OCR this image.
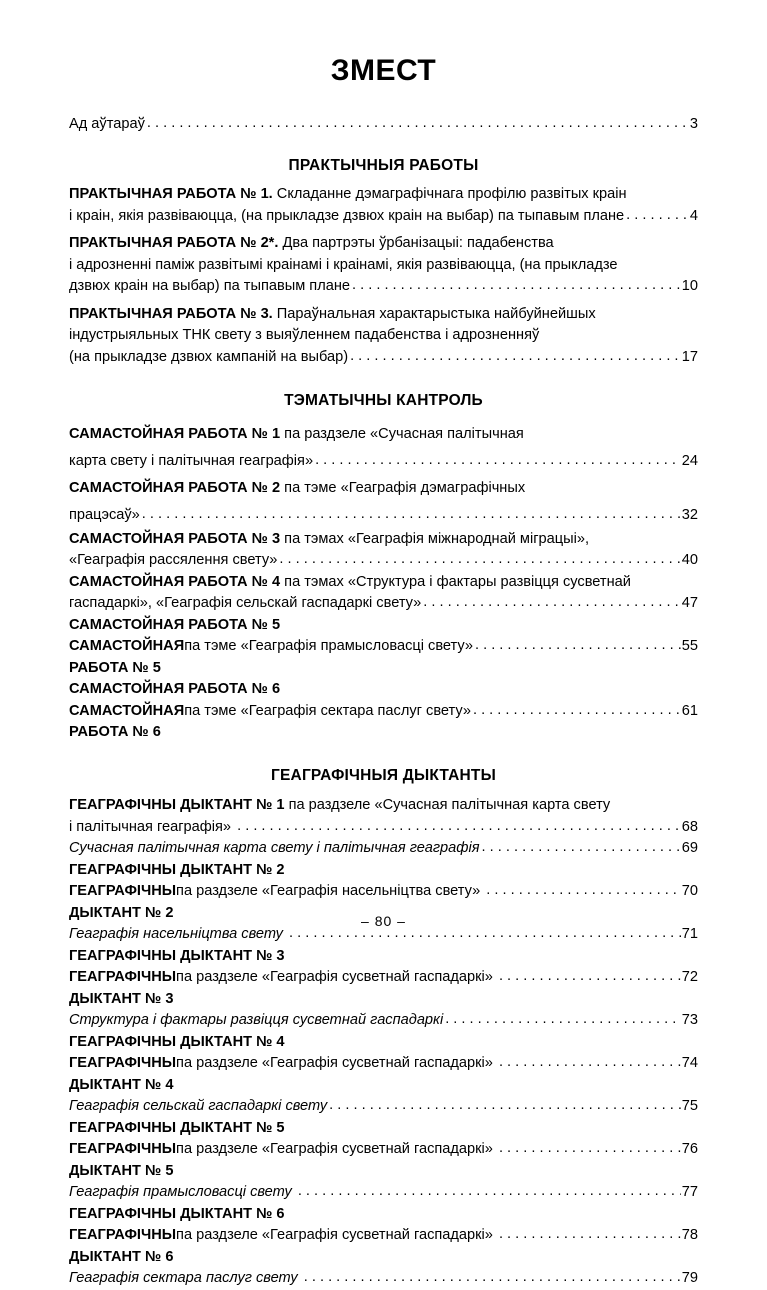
ЗМЕСТ
Ад аўтараў . . .	3
ПРАКТЫЧНЫЯ РАБОТЫ
ПРАКТЫЧНАЯ РАБОТА № 1. Складанне дэмаграфічнага профілю развітых краін
і краін, якія развіваюцца, (на прыкладзе дзвюх краін на выбар) па тыпавым плане . . .	4
ПРАКТЫЧНАЯ РАБОТА № 2*. Два партрэты ўрбанізацыі: падабенства
і адрозненні паміж развітымі краінамі і краінамі, якія развіваюцца, (на прыкладзе
дзвюх краін на выбар) па тыпавым плане . . .	10
ПРАКТЫЧНАЯ РАБОТА № 3. Параўнальная характарыстыка найбуйнейшых
індустрыяльных ТНК свету з выяўленнем падабенства і адрозненняў
(на прыкладзе дзвюх кампаній на выбар) . . .	17
ТЭМАТЫЧНЫ КАНТРОЛЬ
САМАСТОЙНАЯ РАБОТА № 1 па раздзеле «Сучасная палітычная
карта свету і палітычная геаграфія» . . .	24
САМАСТОЙНАЯ РАБОТА № 2 па тэме «Геаграфія дэмаграфічных
працэсаў» . . .	32
САМАСТОЙНАЯ РАБОТА № 3 па тэмах «Геаграфія міжнароднай міграцыі»,
«Геаграфія рассялення свету» . . .	40
САМАСТОЙНАЯ РАБОТА № 4 па тэмах «Структура і фактары развіцця сусветнай
гаспадаркі», «Геаграфія сельскай гаспадаркі свету» . . .	47
САМАСТОЙНАЯ РАБОТА № 5
САМАСТОЙНАЯ РАБОТА № 5
па тэме «Геаграфія прамысловасці свету» . . .	55
САМАСТОЙНАЯ РАБОТА № 6
САМАСТОЙНАЯ РАБОТА № 6
па тэме «Геаграфія сектара паслуг свету» . . .	61
ГЕАГРАФІЧНЫЯ ДЫКТАНТЫ
ГЕАГРАФІЧНЫ ДЫКТАНТ № 1 па раздзеле «Сучасная палітычная карта свету
і палітычная геаграфія» . . .	68
Сучасная палітычная карта свету і палітычная геаграфія . . .	69
ГЕАГРАФІЧНЫ ДЫКТАНТ № 2
ГЕАГРАФІЧНЫ ДЫКТАНТ № 2
па раздзеле «Геаграфія насельніцтва свету» . . .	70
Геаграфія насельніцтва свету . . .	71
ГЕАГРАФІЧНЫ ДЫКТАНТ № 3
ГЕАГРАФІЧНЫ ДЫКТАНТ № 3
па раздзеле «Геаграфія сусветнай гаспадаркі» . . .	72
Структура і фактары развіцця сусветнай гаспадаркі . . .	73
ГЕАГРАФІЧНЫ ДЫКТАНТ № 4
ГЕАГРАФІЧНЫ ДЫКТАНТ № 4
па раздзеле «Геаграфія сусветнай гаспадаркі» . . .	74
Геаграфія сельскай гаспадаркі свету . . .	75
ГЕАГРАФІЧНЫ ДЫКТАНТ № 5
ГЕАГРАФІЧНЫ ДЫКТАНТ № 5
па раздзеле «Геаграфія сусветнай гаспадаркі» . . .	76
Геаграфія прамысловасці свету . . .	77
ГЕАГРАФІЧНЫ ДЫКТАНТ № 6
ГЕАГРАФІЧНЫ ДЫКТАНТ № 6
па раздзеле «Геаграфія сусветнай гаспадаркі» . . .	78
Геаграфія сектара паслуг свету . . .	79
– 80 –
